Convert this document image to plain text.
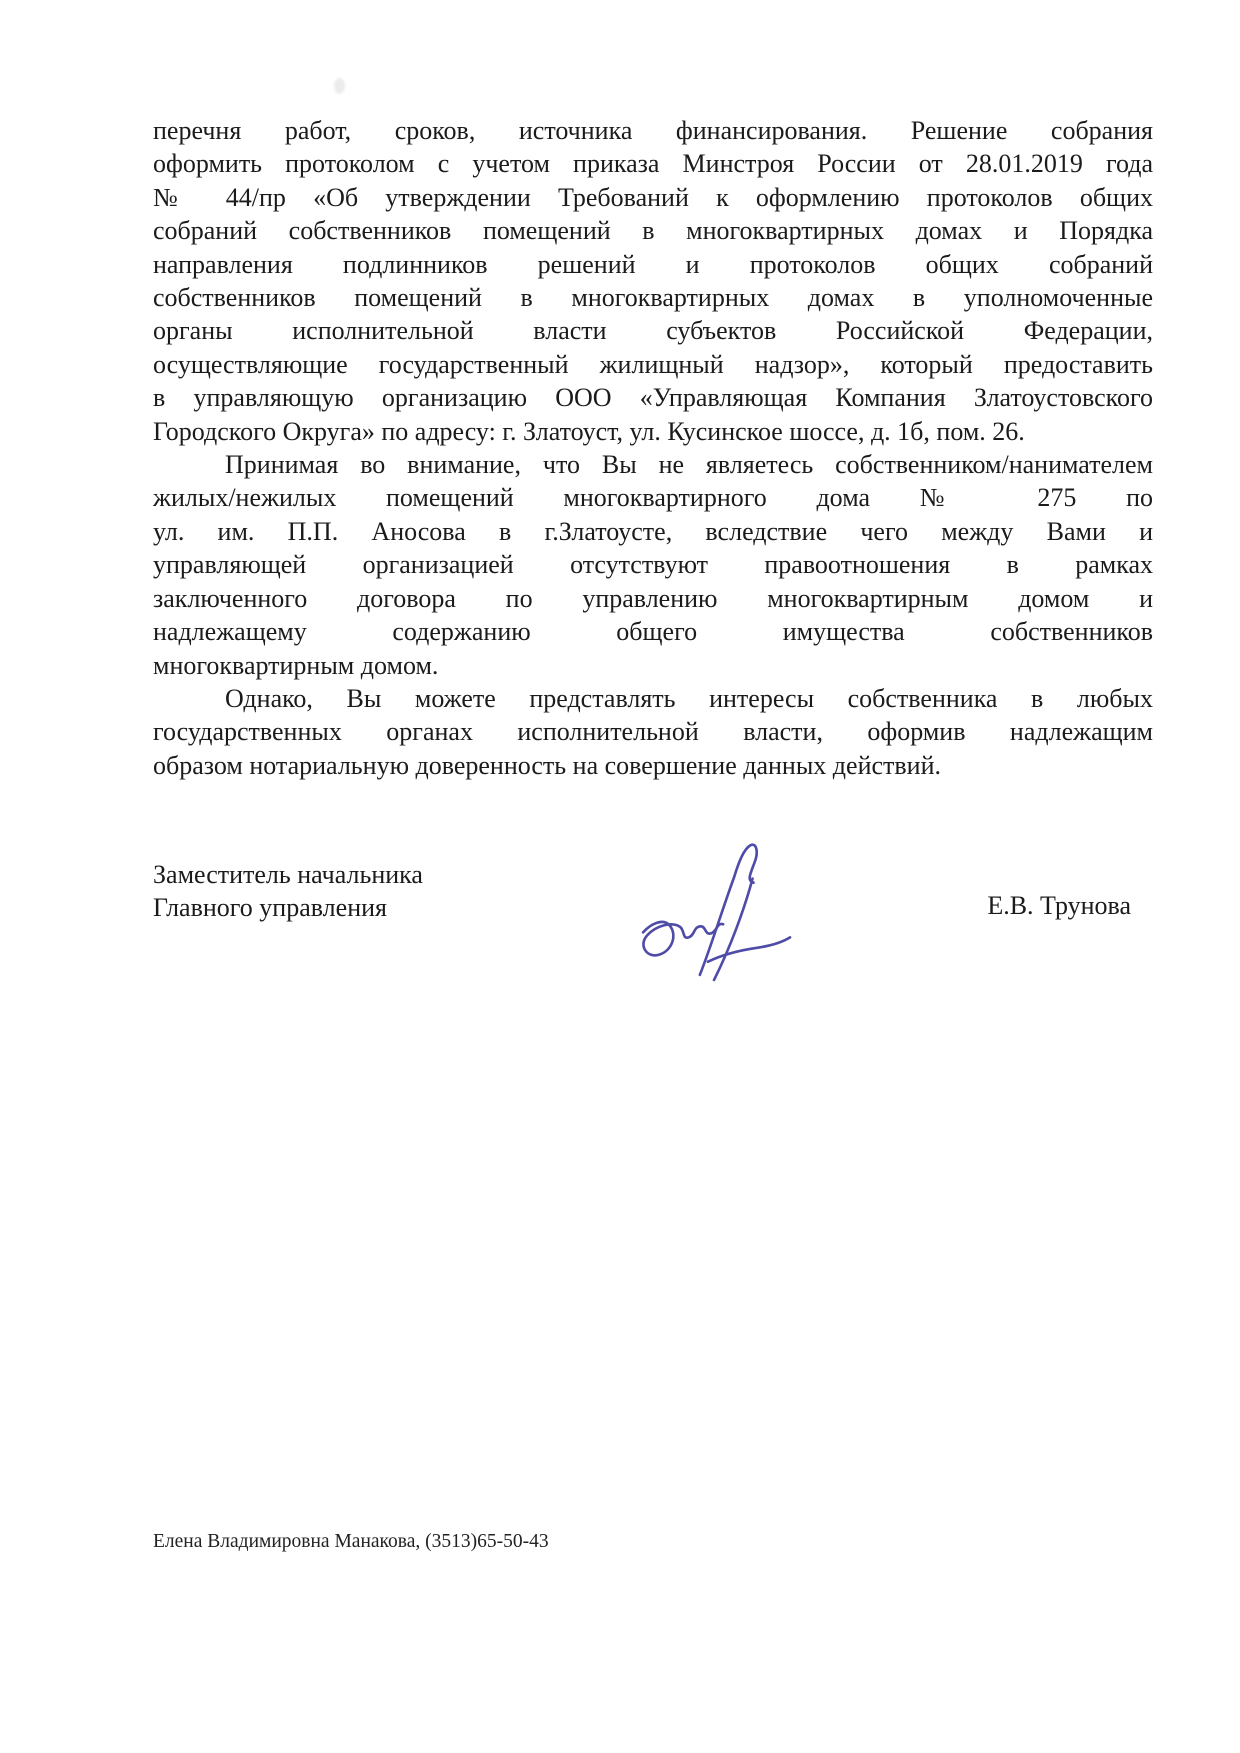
перечня работ, сроков, источника финансирования. Решение собрания
оформить протоколом с учетом приказа Минстроя России от 28.01.2019 года
№ 44/пр «Об утверждении Требований к оформлению протоколов общих
собраний собственников помещений в многоквартирных домах и Порядка
направления подлинников решений и протоколов общих собраний
собственников помещений в многоквартирных домах в уполномоченные
органы исполнительной власти субъектов Российской Федерации,
осуществляющие государственный жилищный надзор», который предоставить
в управляющую организацию ООО «Управляющая Компания Златоустовского
Городского Округа» по адресу: г. Златоуст, ул. Кусинское шоссе, д. 1б, пом. 26.
Принимая во внимание, что Вы не являетесь собственником/нанимателем
жилых/нежилых помещений многоквартирного дома № 275 по
ул. им. П.П. Аносова в г.Златоусте, вследствие чего между Вами и
управляющей организацией отсутствуют правоотношения в рамках
заключенного договора по управлению многоквартирным домом и
надлежащему содержанию общего имущества собственников
многоквартирным домом.
Однако, Вы можете представлять интересы собственника в любых
государственных органах исполнительной власти, оформив надлежащим
образом нотариальную доверенность на совершение данных действий.
Заместитель начальника
Главного управления	Е.В. Трунова
Елена Владимировна Манакова, (3513)65-50-43
